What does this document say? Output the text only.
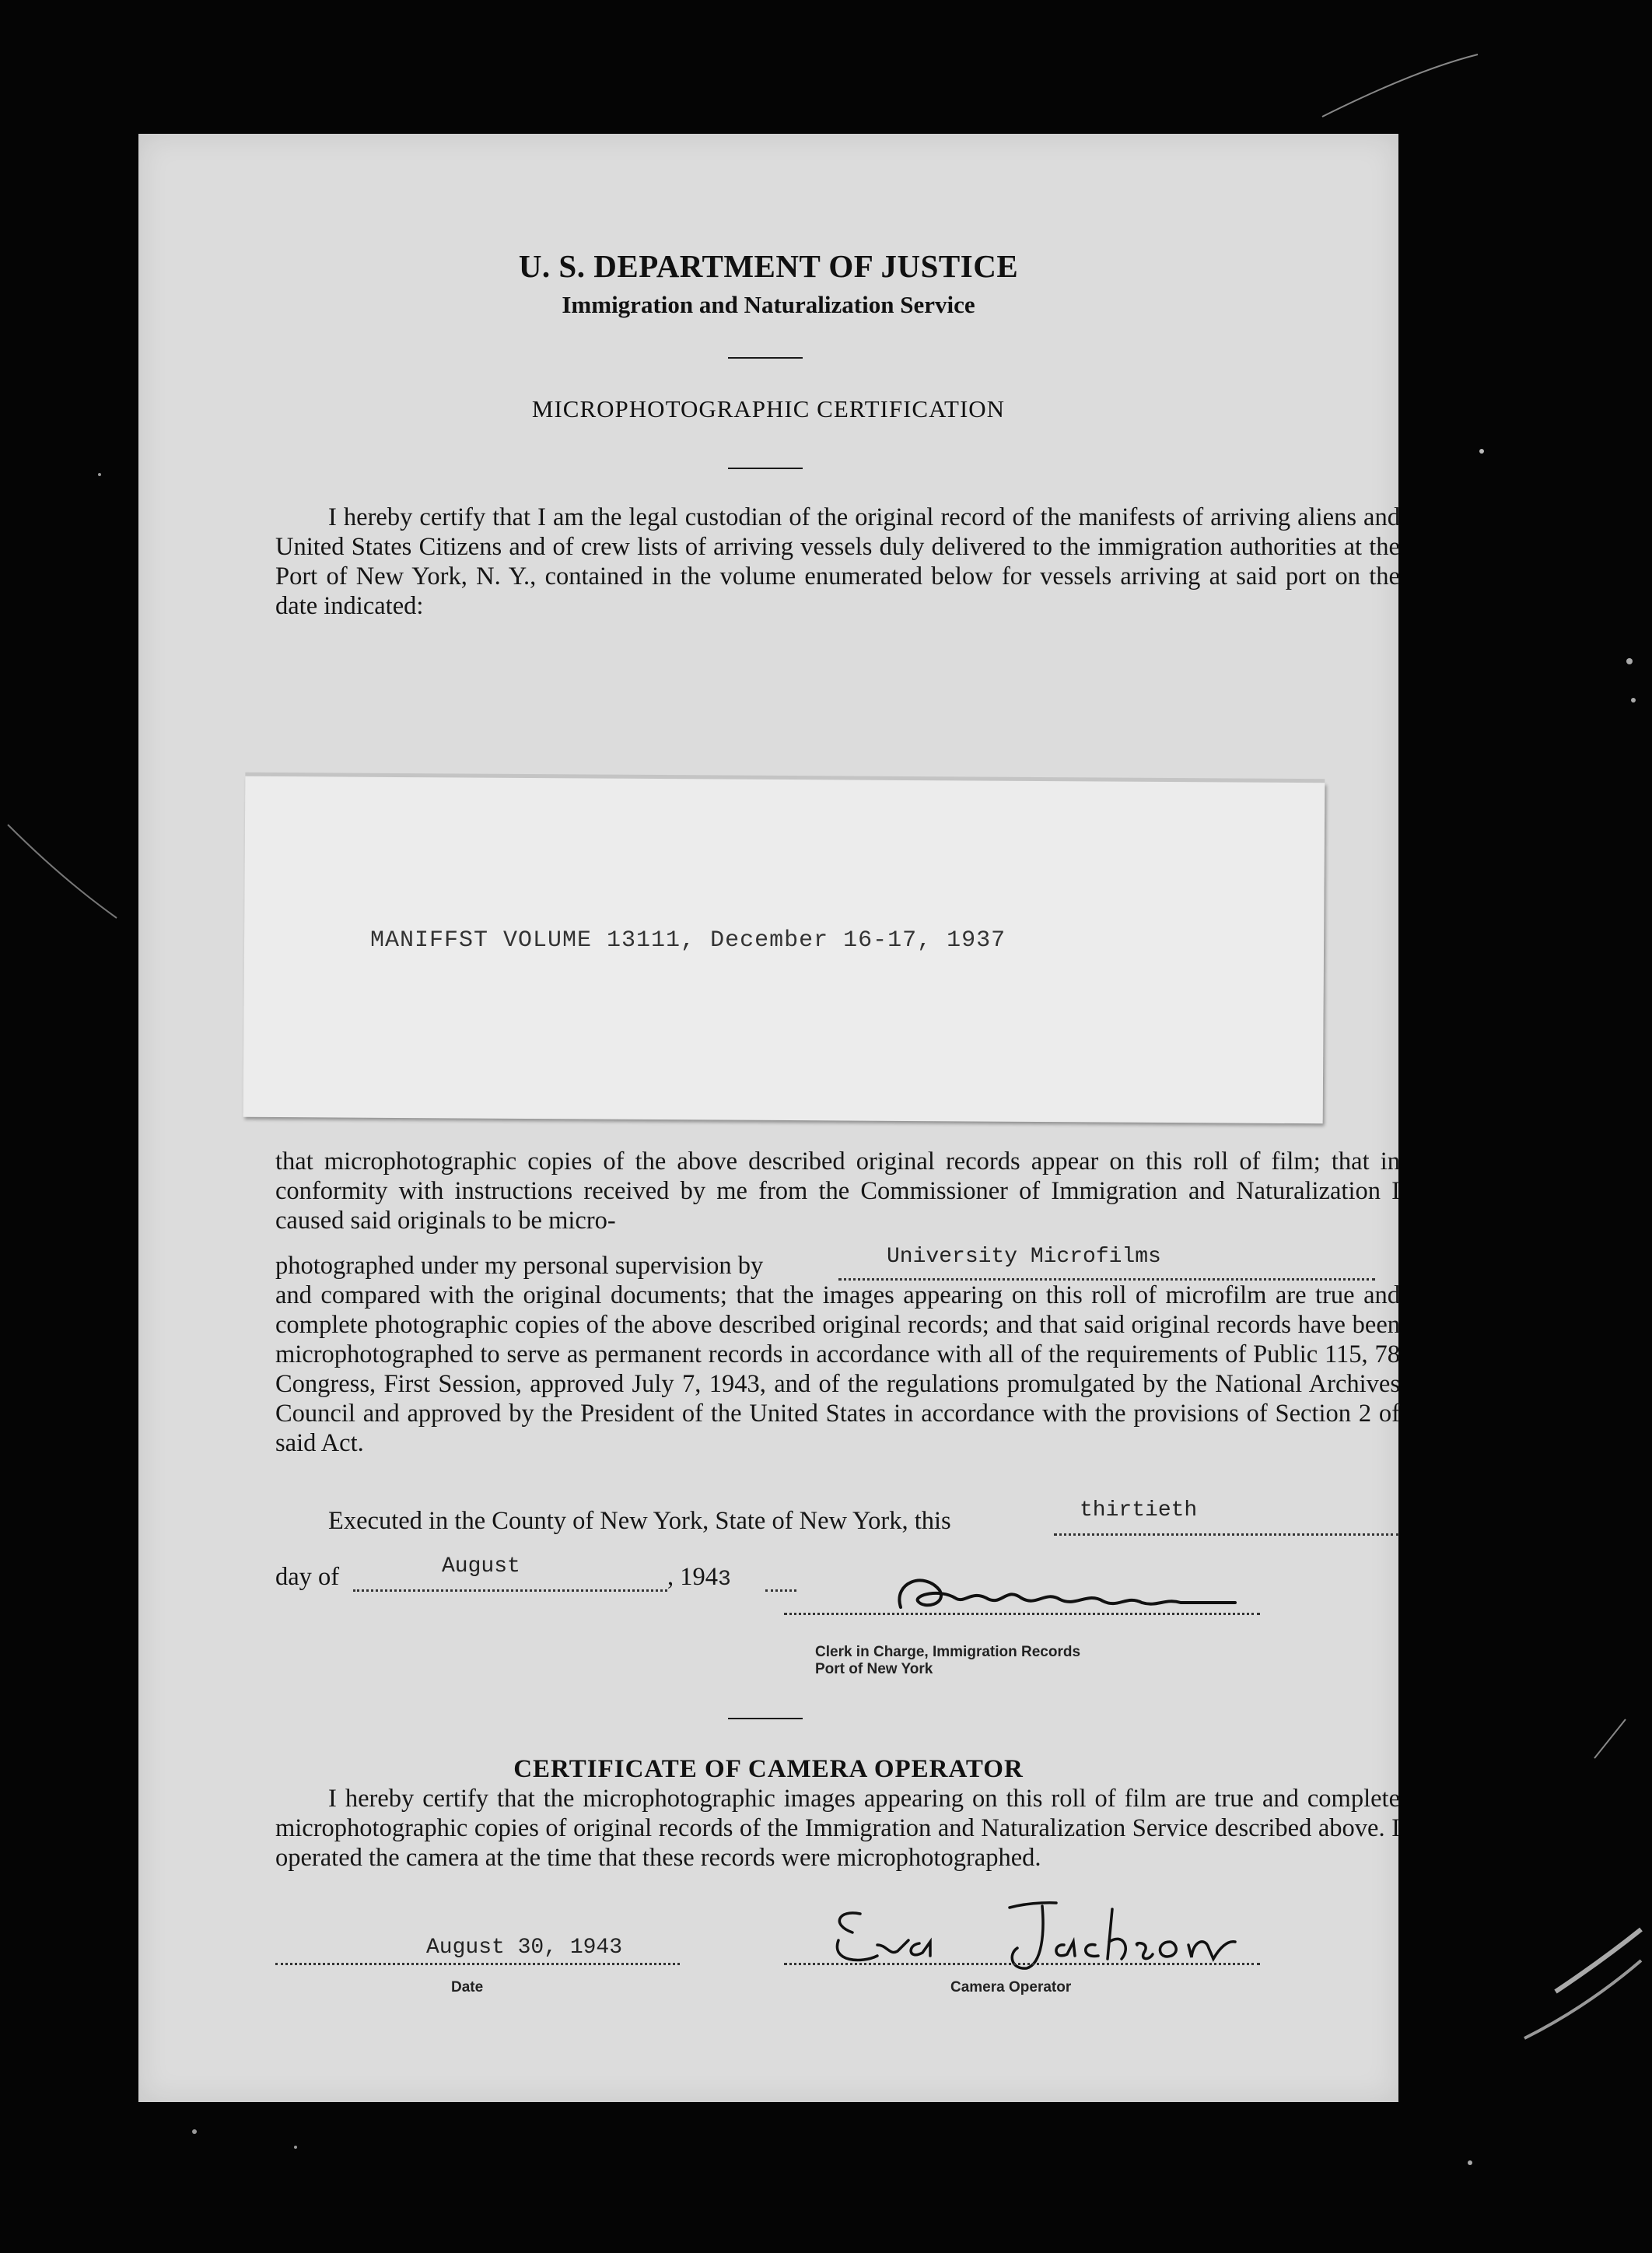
U. S. DEPARTMENT OF JUSTICE
Immigration and Naturalization Service
MICROPHOTOGRAPHIC CERTIFICATION
I hereby certify that I am the legal custodian of the original record of the manifests of arriving aliens and United States Citizens and of crew lists of arriving vessels duly delivered to the immigration authorities at the Port of New York, N. Y., contained in the volume enumerated below for vessels arriving at said port on the date indicated:
MANIFFST VOLUME 13111, December 16-17, 1937
that microphotographic copies of the above described original records appear on this roll of film; that in conformity with instructions received by me from the Commissioner of Immigration and Naturalization I caused said originals to be micro-
photographed under my personal supervision by	University Microfilms
and compared with the original documents; that the images appearing on this roll of microfilm are true and complete photographic copies of the above described original records; and that said original records have been microphotographed to serve as permanent records in accordance with all of the requirements of Public 115, 78 Congress, First Session, approved July 7, 1943, and of the regulations promulgated by the National Archives Council and approved by the President of the United States in accordance with the provisions of Section 2 of said Act.
Executed in the County of New York, State of New York, this	thirtieth
day of	August	, 1943
Clerk in Charge, Immigration Records
Port of New York
CERTIFICATE OF CAMERA OPERATOR
I hereby certify that the microphotographic images appearing on this roll of film are true and complete microphotographic copies of original records of the Immigration and Naturalization Service described above. I operated the camera at the time that these records were microphotographed.
August 30, 1943
Date	Camera Operator
